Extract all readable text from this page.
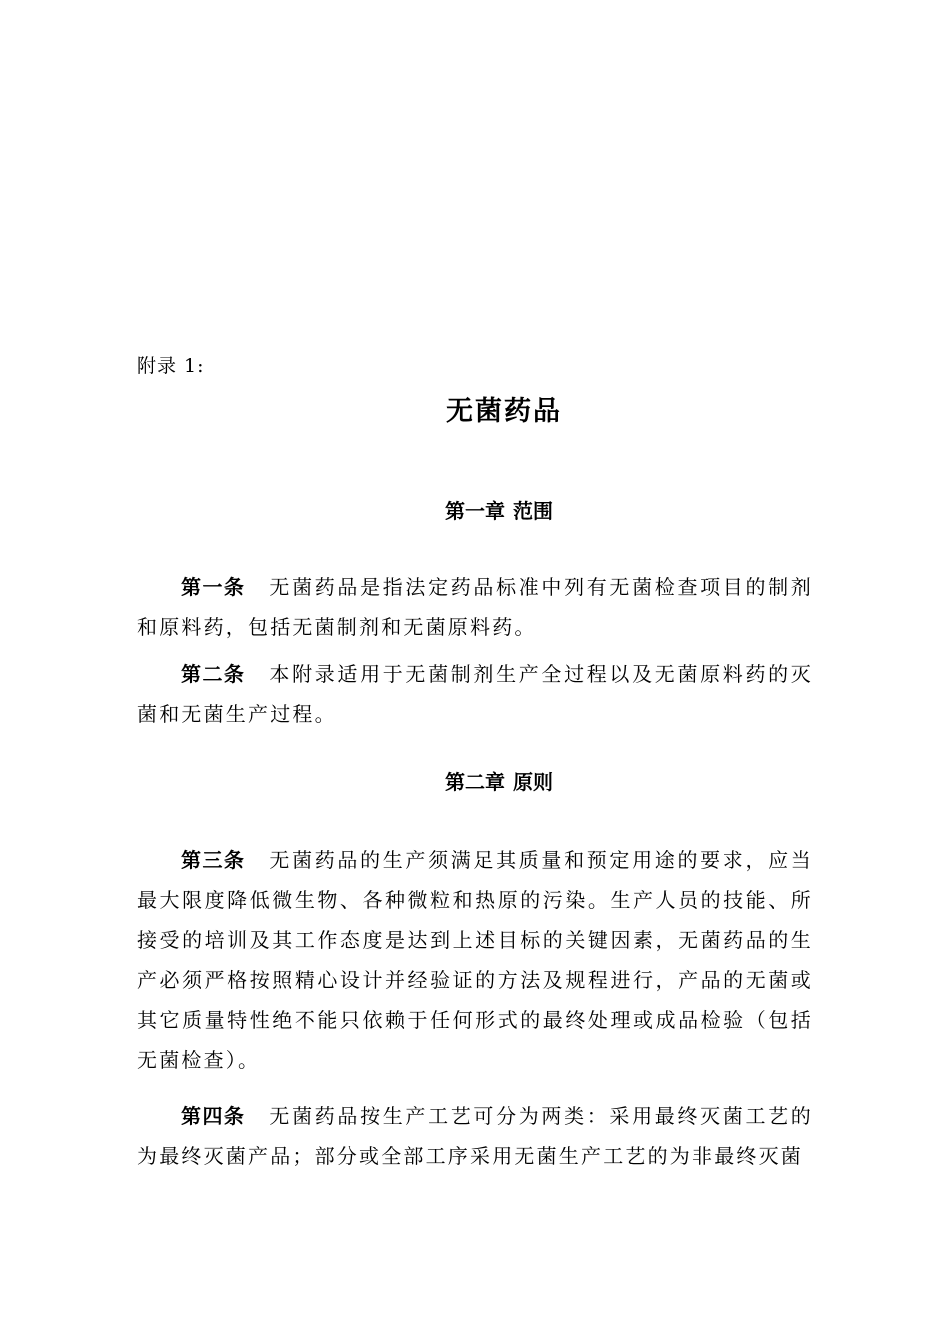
附录 1:
无菌药品
第一章 范围
第一条 无菌药品是指法定药品标准中列有无菌检查项目的制剂和原料药，包括无菌制剂和无菌原料药。
第二条 本附录适用于无菌制剂生产全过程以及无菌原料药的灭菌和无菌生产过程。
第二章 原则
第三条 无菌药品的生产须满足其质量和预定用途的要求，应当最大限度降低微生物、各种微粒和热原的污染。生产人员的技能、所接受的培训及其工作态度是达到上述目标的关键因素，无菌药品的生产必须严格按照精心设计并经验证的方法及规程进行，产品的无菌或其它质量特性绝不能只依赖于任何形式的最终处理或成品检验（包括无菌检查）。
第四条 无菌药品按生产工艺可分为两类：采用最终灭菌工艺的为最终灭菌产品；部分或全部工序采用无菌生产工艺的为非最终灭菌
